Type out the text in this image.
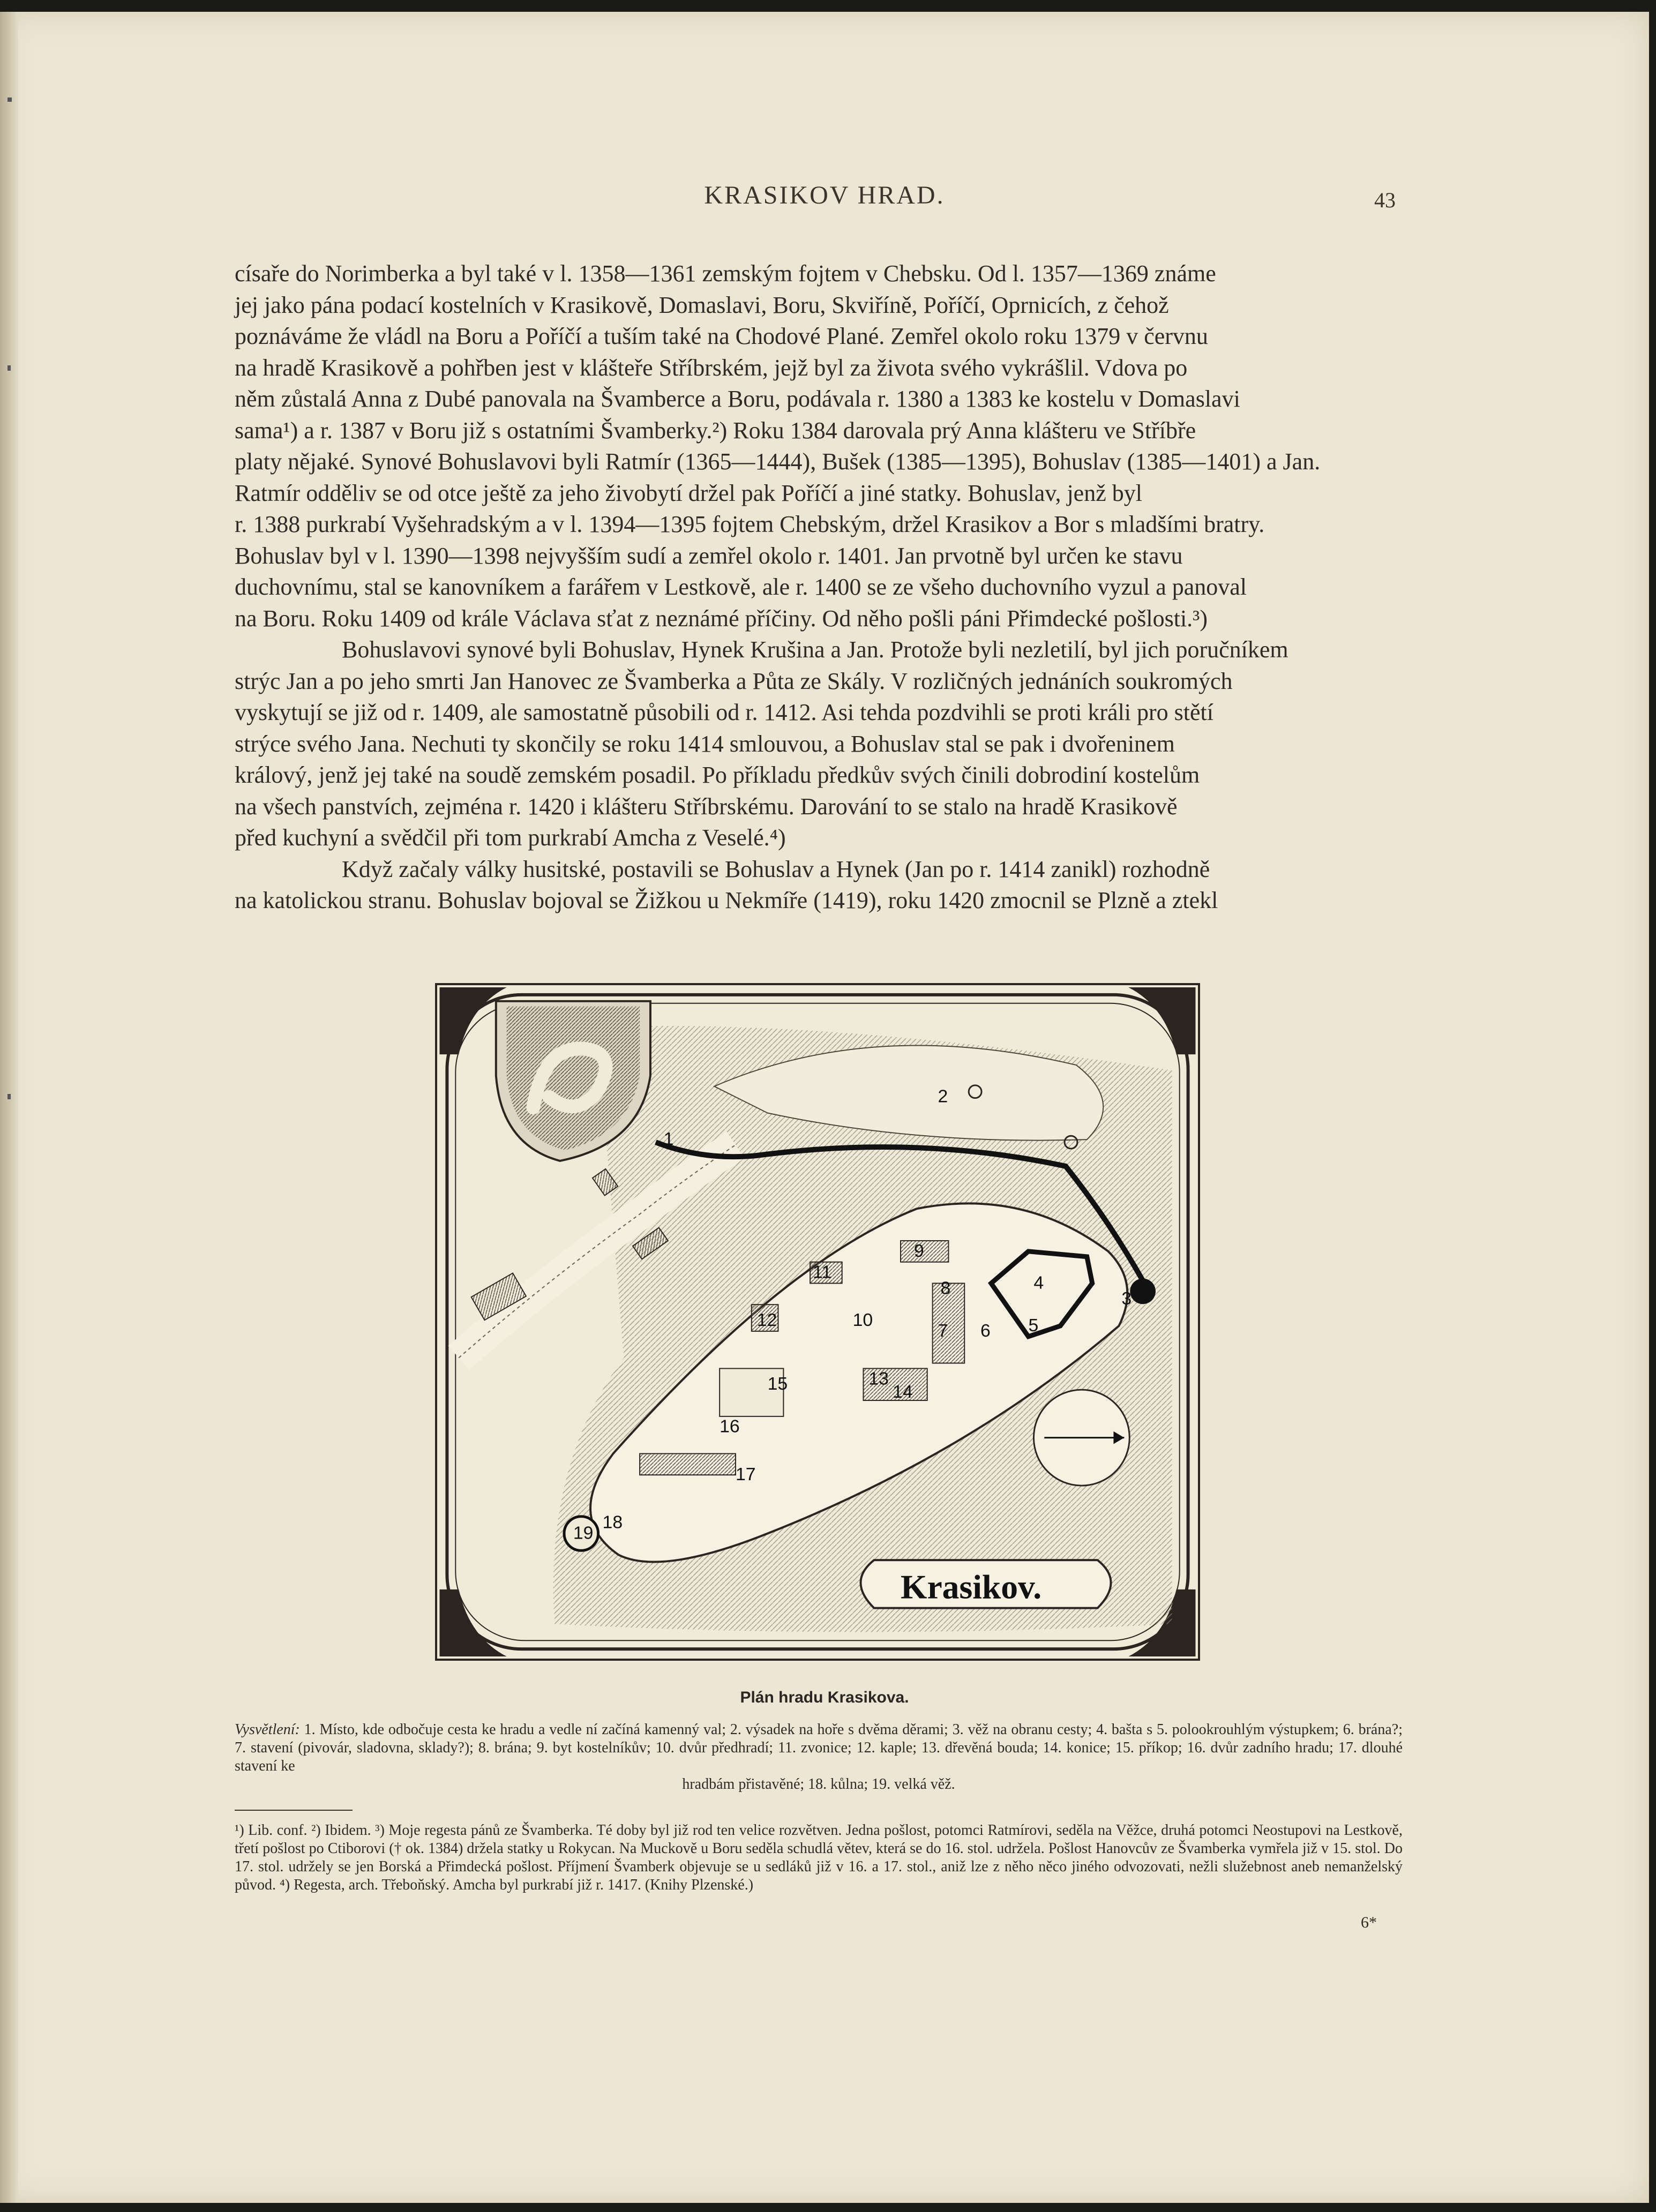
KRASIKOV HRAD.	43

císaře do Norimberka a byl také v l. 1358—1361 zemským fojtem v Chebsku. Od l. 1357—1369 známe

jej jako pána podací kostelních v Krasikově, Domaslavi, Boru, Skviříně, Poříčí, Oprnicích, z čehož

poznáváme že vládl na Boru a Poříčí a tuším také na Chodové Plané. Zemřel okolo roku 1379 v červnu

na hradě Krasikově a pohřben jest v klášteře Stříbrském, jejž byl za života svého vykrášlil. Vdova po

něm zůstalá Anna z Dubé panovala na Švamberce a Boru, podávala r. 1380 a 1383 ke kostelu v Domaslavi

sama¹) a r. 1387 v Boru již s ostatními Švamberky.²) Roku 1384 darovala prý Anna klášteru ve Stříbře

platy nějaké. Synové Bohuslavovi byli Ratmír (1365—1444), Bušek (1385—1395), Bohuslav (1385—1401) a Jan.

Ratmír odděliv se od otce ještě za jeho živobytí držel pak Poříčí a jiné statky. Bohuslav, jenž byl

r. 1388 purkrabí Vyšehradským a v l. 1394—1395 fojtem Chebským, držel Krasikov a Bor s mladšími bratry.

Bohuslav byl v l. 1390—1398 nejvyšším sudí a zemřel okolo r. 1401. Jan prvotně byl určen ke stavu

duchovnímu, stal se kanovníkem a farářem v Lestkově, ale r. 1400 se ze všeho duchovního vyzul a panoval

na Boru. Roku 1409 od krále Václava sťat z neznámé příčiny. Od něho pošli páni Přimdecké pošlosti.³)

Bohuslavovi synové byli Bohuslav, Hynek Krušina a Jan. Protože byli nezletilí, byl jich poručníkem

strýc Jan a po jeho smrti Jan Hanovec ze Švamberka a Půta ze Skály. V rozličných jednáních soukromých

vyskytují se již od r. 1409, ale samostatně působili od r. 1412. Asi tehda pozdvihli se proti králi pro stětí

strýce svého Jana. Nechuti ty skončily se roku 1414 smlouvou, a Bohuslav stal se pak i dvořeninem

králový, jenž jej také na soudě zemském posadil. Po příkladu předkův svých činili dobrodiní kostelům

na všech panstvích, zejména r. 1420 i klášteru Stříbrskému. Darování to se stalo na hradě Krasikově

před kuchyní a svědčil při tom purkrabí Amcha z Veselé.⁴)

Když začaly války husitské, postavili se Bohuslav a Hynek (Jan po r. 1414 zanikl) rozhodně

na katolickou stranu. Bohuslav bojoval se Žižkou u Nekmíře (1419), roku 1420 zmocnil se Plzně a ztekl

1
2
3
4
5
6
7
8
9
10
11
12
13
14
15
16
17
18
19
Krasikov.
Plán hradu Krasikova.
Vysvětlení: 1. Místo, kde odbočuje cesta ke hradu a vedle ní začíná kamenný val; 2. výsadek na hoře s dvěma děrami; 3. věž na obranu cesty; 4. bašta s 5. polookrouhlým výstupkem; 6. brána?; 7. stavení (pivovár, sladovna, sklady?); 8. brána; 9. byt kostelníkův; 10. dvůr předhradí; 11. zvonice; 12. kaple; 13. dřevěná bouda; 14. konice; 15. příkop; 16. dvůr zadního hradu; 17. dlouhé stavení ke
hradbám přistavěné; 18. kůlna; 19. velká věž.
¹) Lib. conf. ²) Ibidem. ³) Moje regesta pánů ze Švamberka. Té doby byl již rod ten velice rozvětven. Jedna pošlost, potomci Ratmírovi, seděla na Věžce, druhá potomci Neostupovi na Lestkově, třetí pošlost po Ctiborovi († ok. 1384) držela statky u Rokycan. Na Muckově u Boru seděla schudlá větev, která se do 16. stol. udržela. Pošlost Hanovcův ze Švamberka vymřela již v 15. stol. Do 17. stol. udržely se jen Borská a Přimdecká pošlost. Příjmení Švamberk objevuje se u sedláků již v 16. a 17. stol., aniž lze z něho něco jiného odvozovati, nežli služebnost aneb nemanželský původ. ⁴) Regesta, arch. Třeboňský. Amcha byl purkrabí již r. 1417. (Knihy Plzenské.)
6*
